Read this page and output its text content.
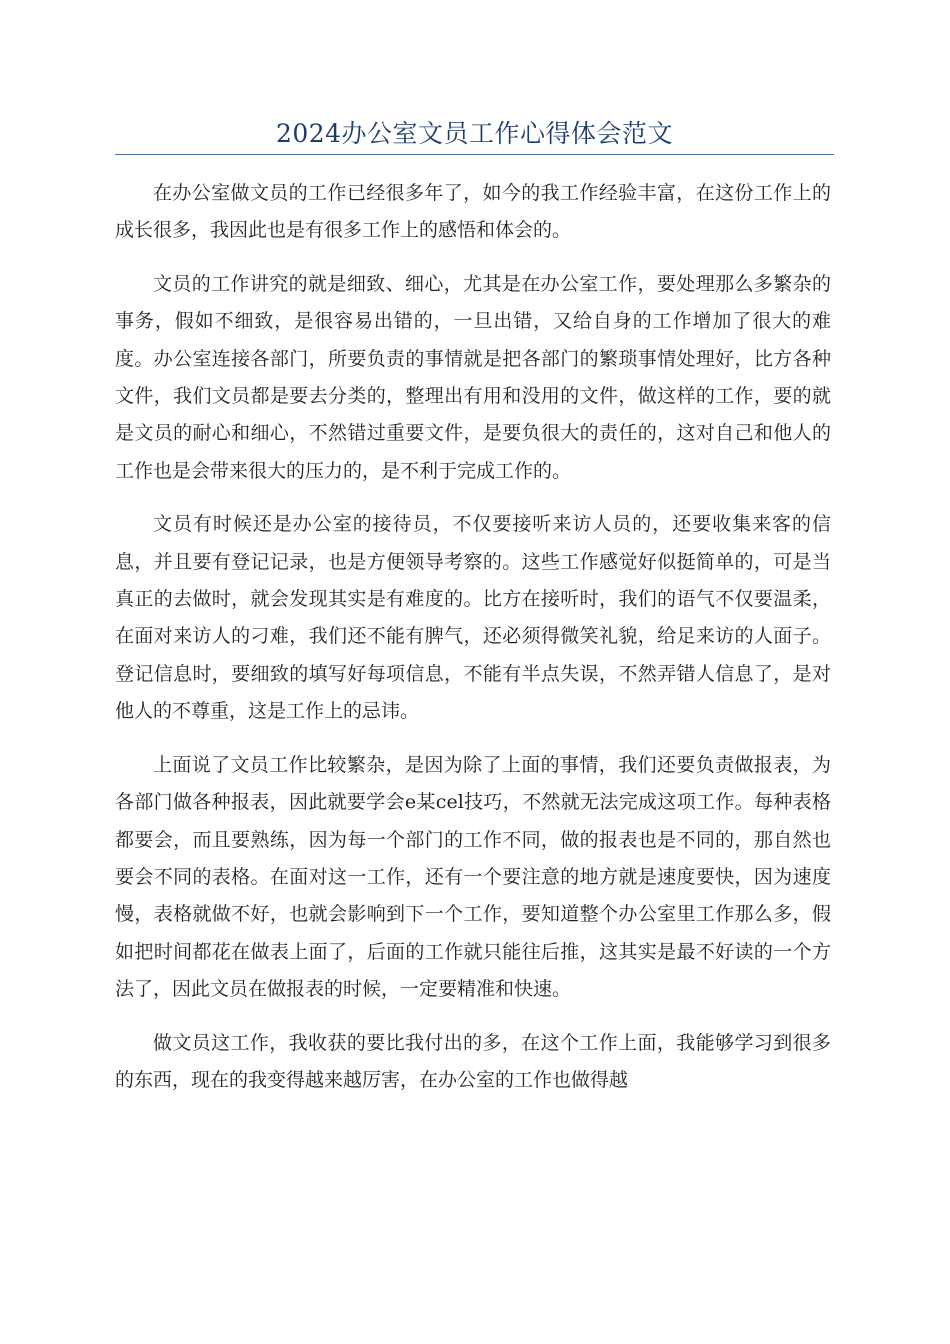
2024办公室文员工作心得体会范文

在办公室做文员的工作已经很多年了，如今的我工作经验丰富，在这份工作上的成长很多，我因此也是有很多工作上的感悟和体会的。

文员的工作讲究的就是细致、细心，尤其是在办公室工作，要处理那么多繁杂的事务，假如不细致，是很容易出错的，一旦出错，又给自身的工作增加了很大的难度。办公室连接各部门，所要负责的事情就是把各部门的繁琐事情处理好，比方各种文件，我们文员都是要去分类的，整理出有用和没用的文件，做这样的工作，要的就是文员的耐心和细心，不然错过重要文件，是要负很大的责任的，这对自己和他人的工作也是会带来很大的压力的，是不利于完成工作的。

文员有时候还是办公室的接待员，不仅要接听来访人员的，还要收集来客的信息，并且要有登记记录，也是方便领导考察的。这些工作感觉好似挺简单的，可是当真正的去做时，就会发现其实是有难度的。比方在接听时，我们的语气不仅要温柔，在面对来访人的刁难，我们还不能有脾气，还必须得微笑礼貌，给足来访的人面子。登记信息时，要细致的填写好每项信息，不能有半点失误，不然弄错人信息了，是对他人的不尊重，这是工作上的忌讳。

上面说了文员工作比较繁杂，是因为除了上面的事情，我们还要负责做报表，为各部门做各种报表，因此就要学会e某cel技巧，不然就无法完成这项工作。每种表格都要会，而且要熟练，因为每一个部门的工作不同，做的报表也是不同的，那自然也要会不同的表格。在面对这一工作，还有一个要注意的地方就是速度要快，因为速度慢，表格就做不好，也就会影响到下一个工作，要知道整个办公室里工作那么多，假如把时间都花在做表上面了，后面的工作就只能往后推，这其实是最不好读的一个方法了，因此文员在做报表的时候，一定要精准和快速。

做文员这工作，我收获的要比我付出的多，在这个工作上面，我能够学习到很多的东西，现在的我变得越来越厉害，在办公室的工作也做得越
